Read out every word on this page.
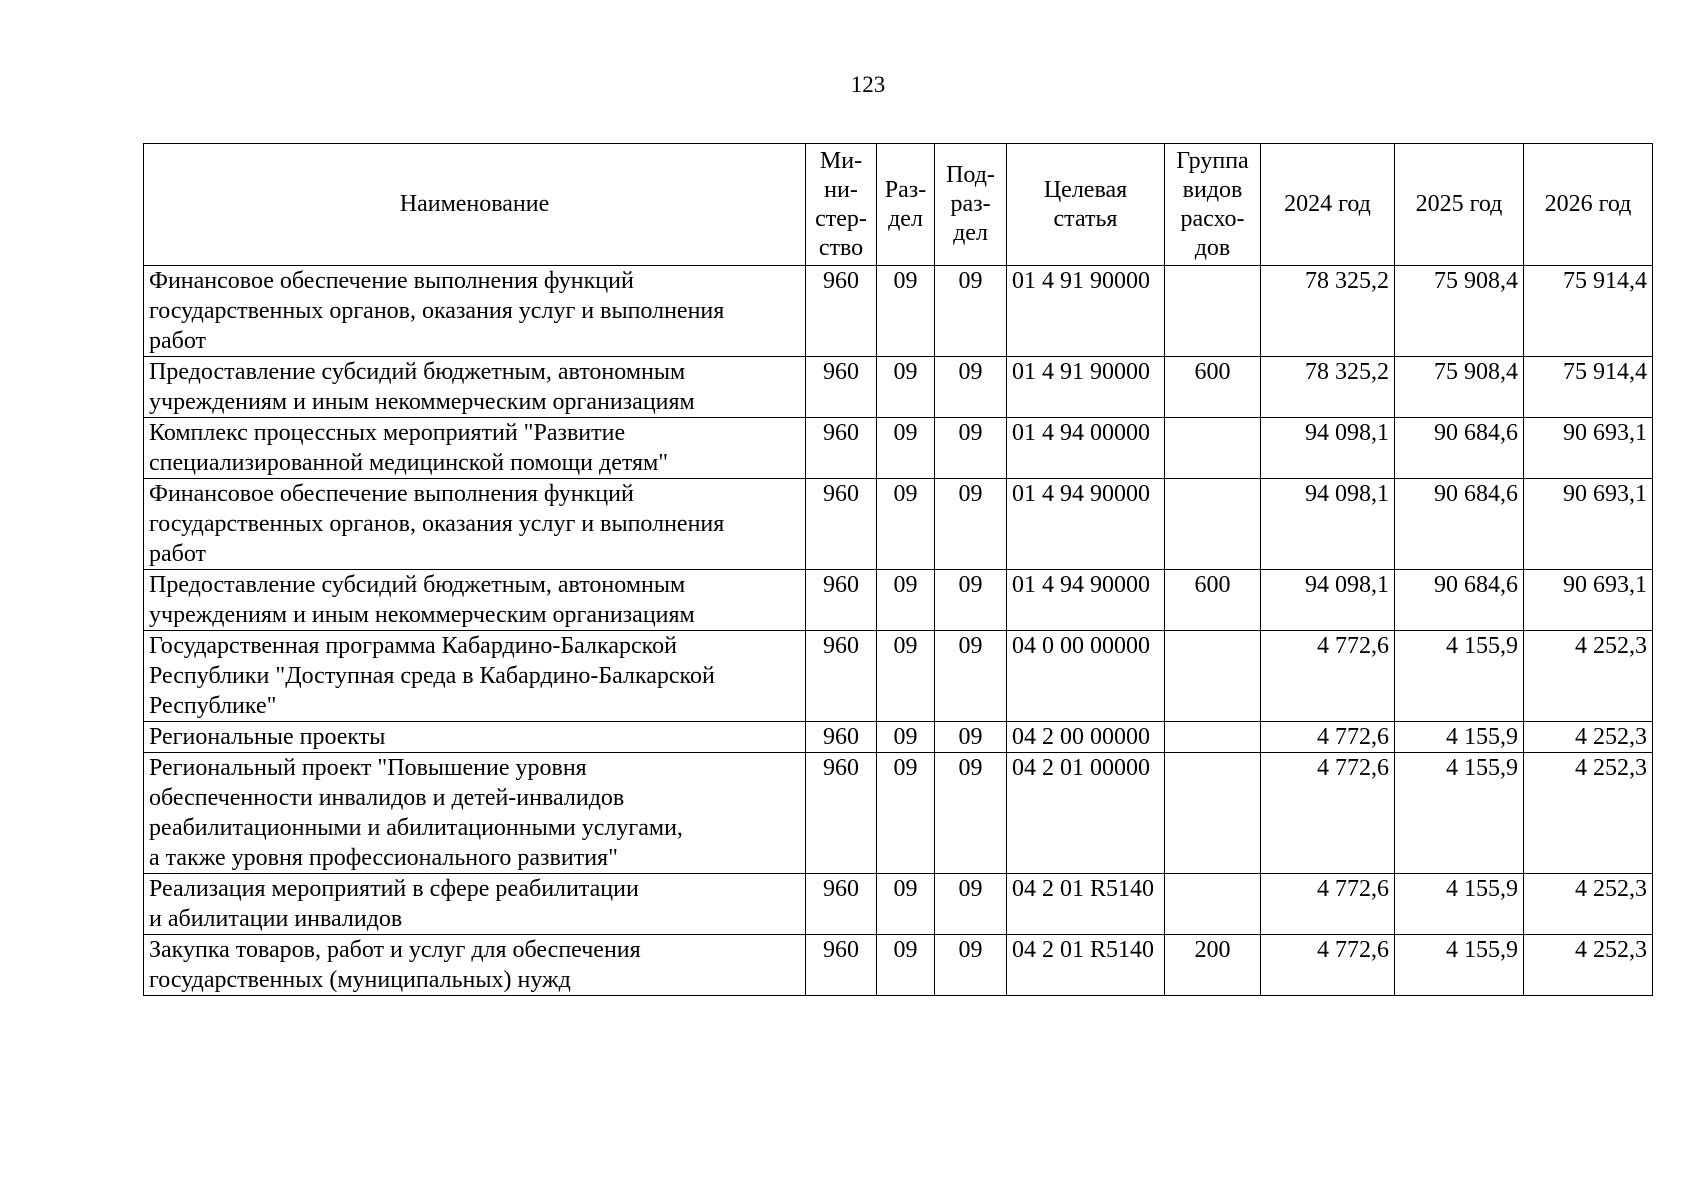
123
Наименование	Ми-
ни-
стер-
ство	Раз-
дел	Под-
раз-
дел	Целевая
статья	Группа
видов
расхо-
дов	2024 год	2025 год	2026 год
Финансовое обеспечение выполнения функций
государственных органов, оказания услуг и выполнения
работ	960	09	09	01 4 91 90000		78 325,2	75 908,4	75 914,4
Предоставление субсидий бюджетным, автономным
учреждениям и иным некоммерческим организациям	960	09	09	01 4 91 90000	600	78 325,2	75 908,4	75 914,4
Комплекс процессных мероприятий "Развитие
специализированной медицинской помощи детям"	960	09	09	01 4 94 00000		94 098,1	90 684,6	90 693,1
Финансовое обеспечение выполнения функций
государственных органов, оказания услуг и выполнения
работ	960	09	09	01 4 94 90000		94 098,1	90 684,6	90 693,1
Предоставление субсидий бюджетным, автономным
учреждениям и иным некоммерческим организациям	960	09	09	01 4 94 90000	600	94 098,1	90 684,6	90 693,1
Государственная программа Кабардино-Балкарской
Республики "Доступная среда в Кабардино-Балкарской
Республике"	960	09	09	04 0 00 00000		4 772,6	4 155,9	4 252,3
Региональные проекты	960	09	09	04 2 00 00000		4 772,6	4 155,9	4 252,3
Региональный проект "Повышение уровня
обеспеченности инвалидов и детей-инвалидов
реабилитационными и абилитационными услугами,
а также уровня профессионального развития"	960	09	09	04 2 01 00000		4 772,6	4 155,9	4 252,3
Реализация мероприятий в сфере реабилитации
и абилитации инвалидов	960	09	09	04 2 01 R5140		4 772,6	4 155,9	4 252,3
Закупка товаров, работ и услуг для обеспечения
государственных (муниципальных) нужд	960	09	09	04 2 01 R5140	200	4 772,6	4 155,9	4 252,3
